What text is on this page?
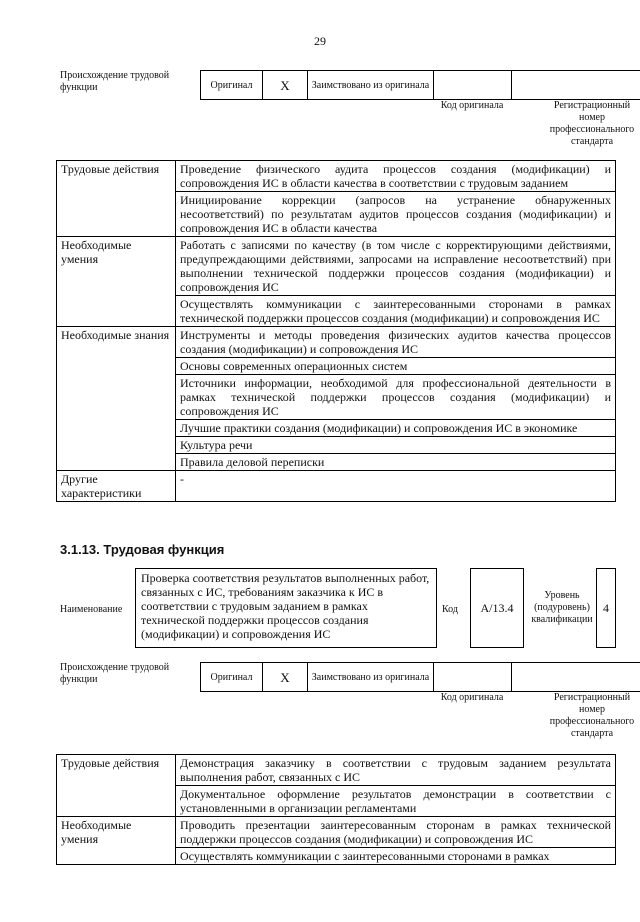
29
Происхождение трудовой функции	Оригинал	X	Заимствовано из оригинала
Код оригинала	Регистрационный номер профессионального стандарта
Трудовые действия	Проведение физического аудита процессов создания (модификации) и сопровождения ИС в области качества в соответствии с трудовым заданием
	Инициирование коррекции (запросов на устранение обнаруженных несоответствий) по результатам аудитов процессов создания (модификации) и сопровождения ИС в области качества
Необходимые умения	Работать с записями по качеству (в том числе с корректирующими действиями, предупреждающими действиями, запросами на исправление несоответствий) при выполнении технической поддержки процессов создания (модификации) и сопровождения ИС
	Осуществлять коммуникации с заинтересованными сторонами в рамках технической поддержки процессов создания (модификации) и сопровождения ИС
Необходимые знания	Инструменты и методы проведения физических аудитов качества процессов создания (модификации) и сопровождения ИС
	Основы современных операционных систем
	Источники информации, необходимой для профессиональной деятельности в рамках технической поддержки процессов создания (модификации) и сопровождения ИС
	Лучшие практики создания (модификации) и сопровождения ИС в экономике
	Культура речи
	Правила деловой переписки
Другие характеристики	-
3.1.13. Трудовая функция
Наименование
Проверка соответствия результатов выполненных работ, связанных с ИС, требованиям заказчика к ИС в соответствии с трудовым заданием в рамках технической поддержки процессов создания (модификации) и сопровождения ИС
Код	A/13.4
Уровень (подуровень) квалификации
4
Происхождение трудовой функции	Оригинал	X	Заимствовано из оригинала
Код оригинала	Регистрационный номер профессионального стандарта
Трудовые действия	Демонстрация заказчику в соответствии с трудовым заданием результата выполнения работ, связанных с ИС
	Документальное оформление результатов демонстрации в соответствии с установленными в организации регламентами
Необходимые умения	Проводить презентации заинтересованным сторонам в рамках технической поддержки процессов создания (модификации) и сопровождения ИС
	Осуществлять коммуникации с заинтересованными сторонами в рамках
